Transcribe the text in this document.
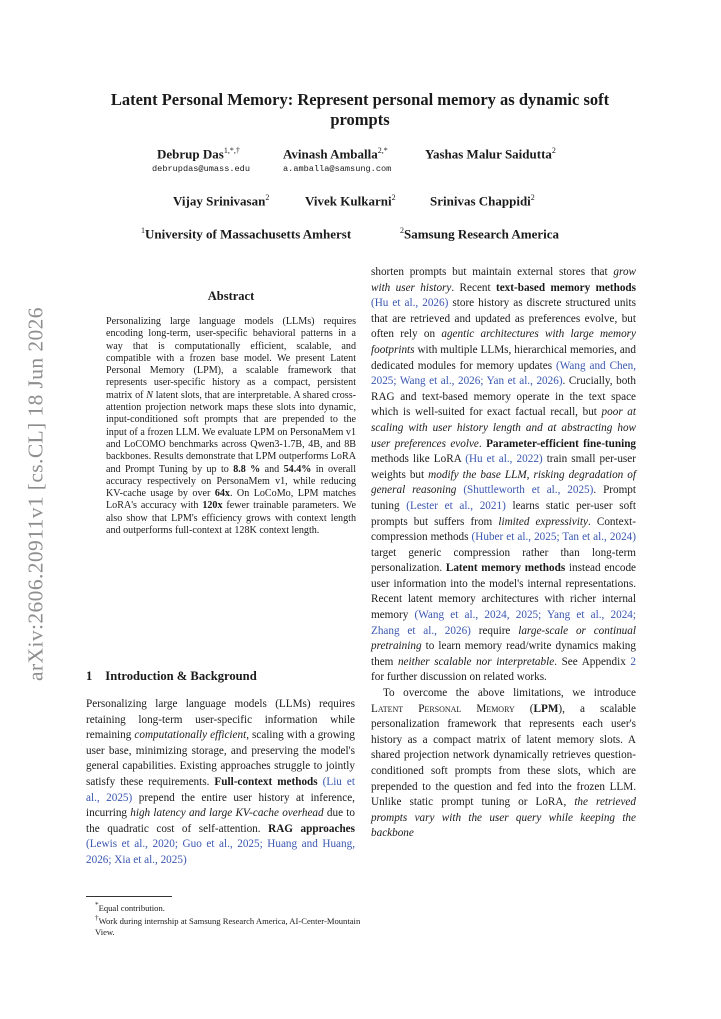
arXiv:2606.20911v1 [cs.CL] 18 Jun 2026
Latent Personal Memory: Represent personal memory as dynamic soft
prompts
Debrup Das$^{1,*,\dagger}$
debrupdas@umass.edu
Avinash Amballa$^{2,*}$
a.amballa@samsung.com
Yashas Malur Saidutta$^2$
Vijay Srinivasan$^2$	Vivek Kulkarni$^2$	Srinivas Chappidi$^2$
$^1$University of Massachusetts Amherst	$^2$Samsung Research America
Abstract
Personalizing large language models (LLMs) requires encoding long-term, user-specific behavioral patterns in a way that is computationally efficient, scalable, and compatible with a frozen base model. We present Latent Personal Memory (LPM), a scalable framework that represents user-specific history as a compact, persistent matrix of N latent slots, that are interpretable. A shared cross-attention projection network maps these slots into dynamic, input-conditioned soft prompts that are prepended to the input of a frozen LLM. We evaluate LPM on PersonaMem v1 and LoCOMO benchmarks across Qwen3-1.7B, 4B, and 8B backbones. Results demonstrate that LPM outperforms LoRA and Prompt Tuning by up to 8.8 % and 54.4% in overall accuracy respectively on PersonaMem v1, while reducing KV-cache usage by over 64x. On LoCoMo, LPM matches LoRA's accuracy with 120x fewer trainable parameters. We also show that LPM's efficiency grows with context length and outperforms full-context at 128K context length.
1 Introduction & Background
Personalizing large language models (LLMs) requires retaining long-term user-specific information while remaining computationally efficient, scaling with a growing user base, minimizing storage, and preserving the model's general capabilities. Existing approaches struggle to jointly satisfy these requirements. Full-context methods (Liu et al., 2025) prepend the entire user history at inference, incurring high latency and large KV-cache overhead due to the quadratic cost of self-attention. RAG approaches (Lewis et al., 2020; Guo et al., 2025; Huang and Huang, 2026; Xia et al., 2025)

*Equal contribution.

†Work during internship at Samsung Research America, AI-Center-Mountain View.

shorten prompts but maintain external stores that grow with user history. Recent text-based memory methods (Hu et al., 2026) store history as discrete structured units that are retrieved and updated as preferences evolve, but often rely on agentic architectures with large memory footprints with multiple LLMs, hierarchical memories, and dedicated modules for memory updates (Wang and Chen, 2025; Wang et al., 2026; Yan et al., 2026). Crucially, both RAG and text-based memory operate in the text space which is well-suited for exact factual recall, but poor at scaling with user history length and at abstracting how user preferences evolve. Parameter-efficient fine-tuning methods like LoRA (Hu et al., 2022) train small per-user weights but modify the base LLM, risking degradation of general reasoning (Shuttleworth et al., 2025). Prompt tuning (Lester et al., 2021) learns static per-user soft prompts but suffers from limited expressivity. Context-compression methods (Huber et al., 2025; Tan et al., 2024) target generic compression rather than long-term personalization. Latent memory methods instead encode user information into the model's internal representations. Recent latent memory architectures with richer internal memory (Wang et al., 2024, 2025; Yang et al., 2024; Zhang et al., 2026) require large-scale or continual pretraining to learn memory read/write dynamics making them neither scalable nor interpretable. See Appendix 2 for further discussion on related works.

To overcome the above limitations, we introduce Latent Personal Memory (LPM), a scalable personalization framework that represents each user's history as a compact matrix of latent memory slots. A shared projection network dynamically retrieves question-conditioned soft prompts from these slots, which are prepended to the question and fed into the frozen LLM. Unlike static prompt tuning or LoRA, the retrieved prompts vary with the user query while keeping the backbone
